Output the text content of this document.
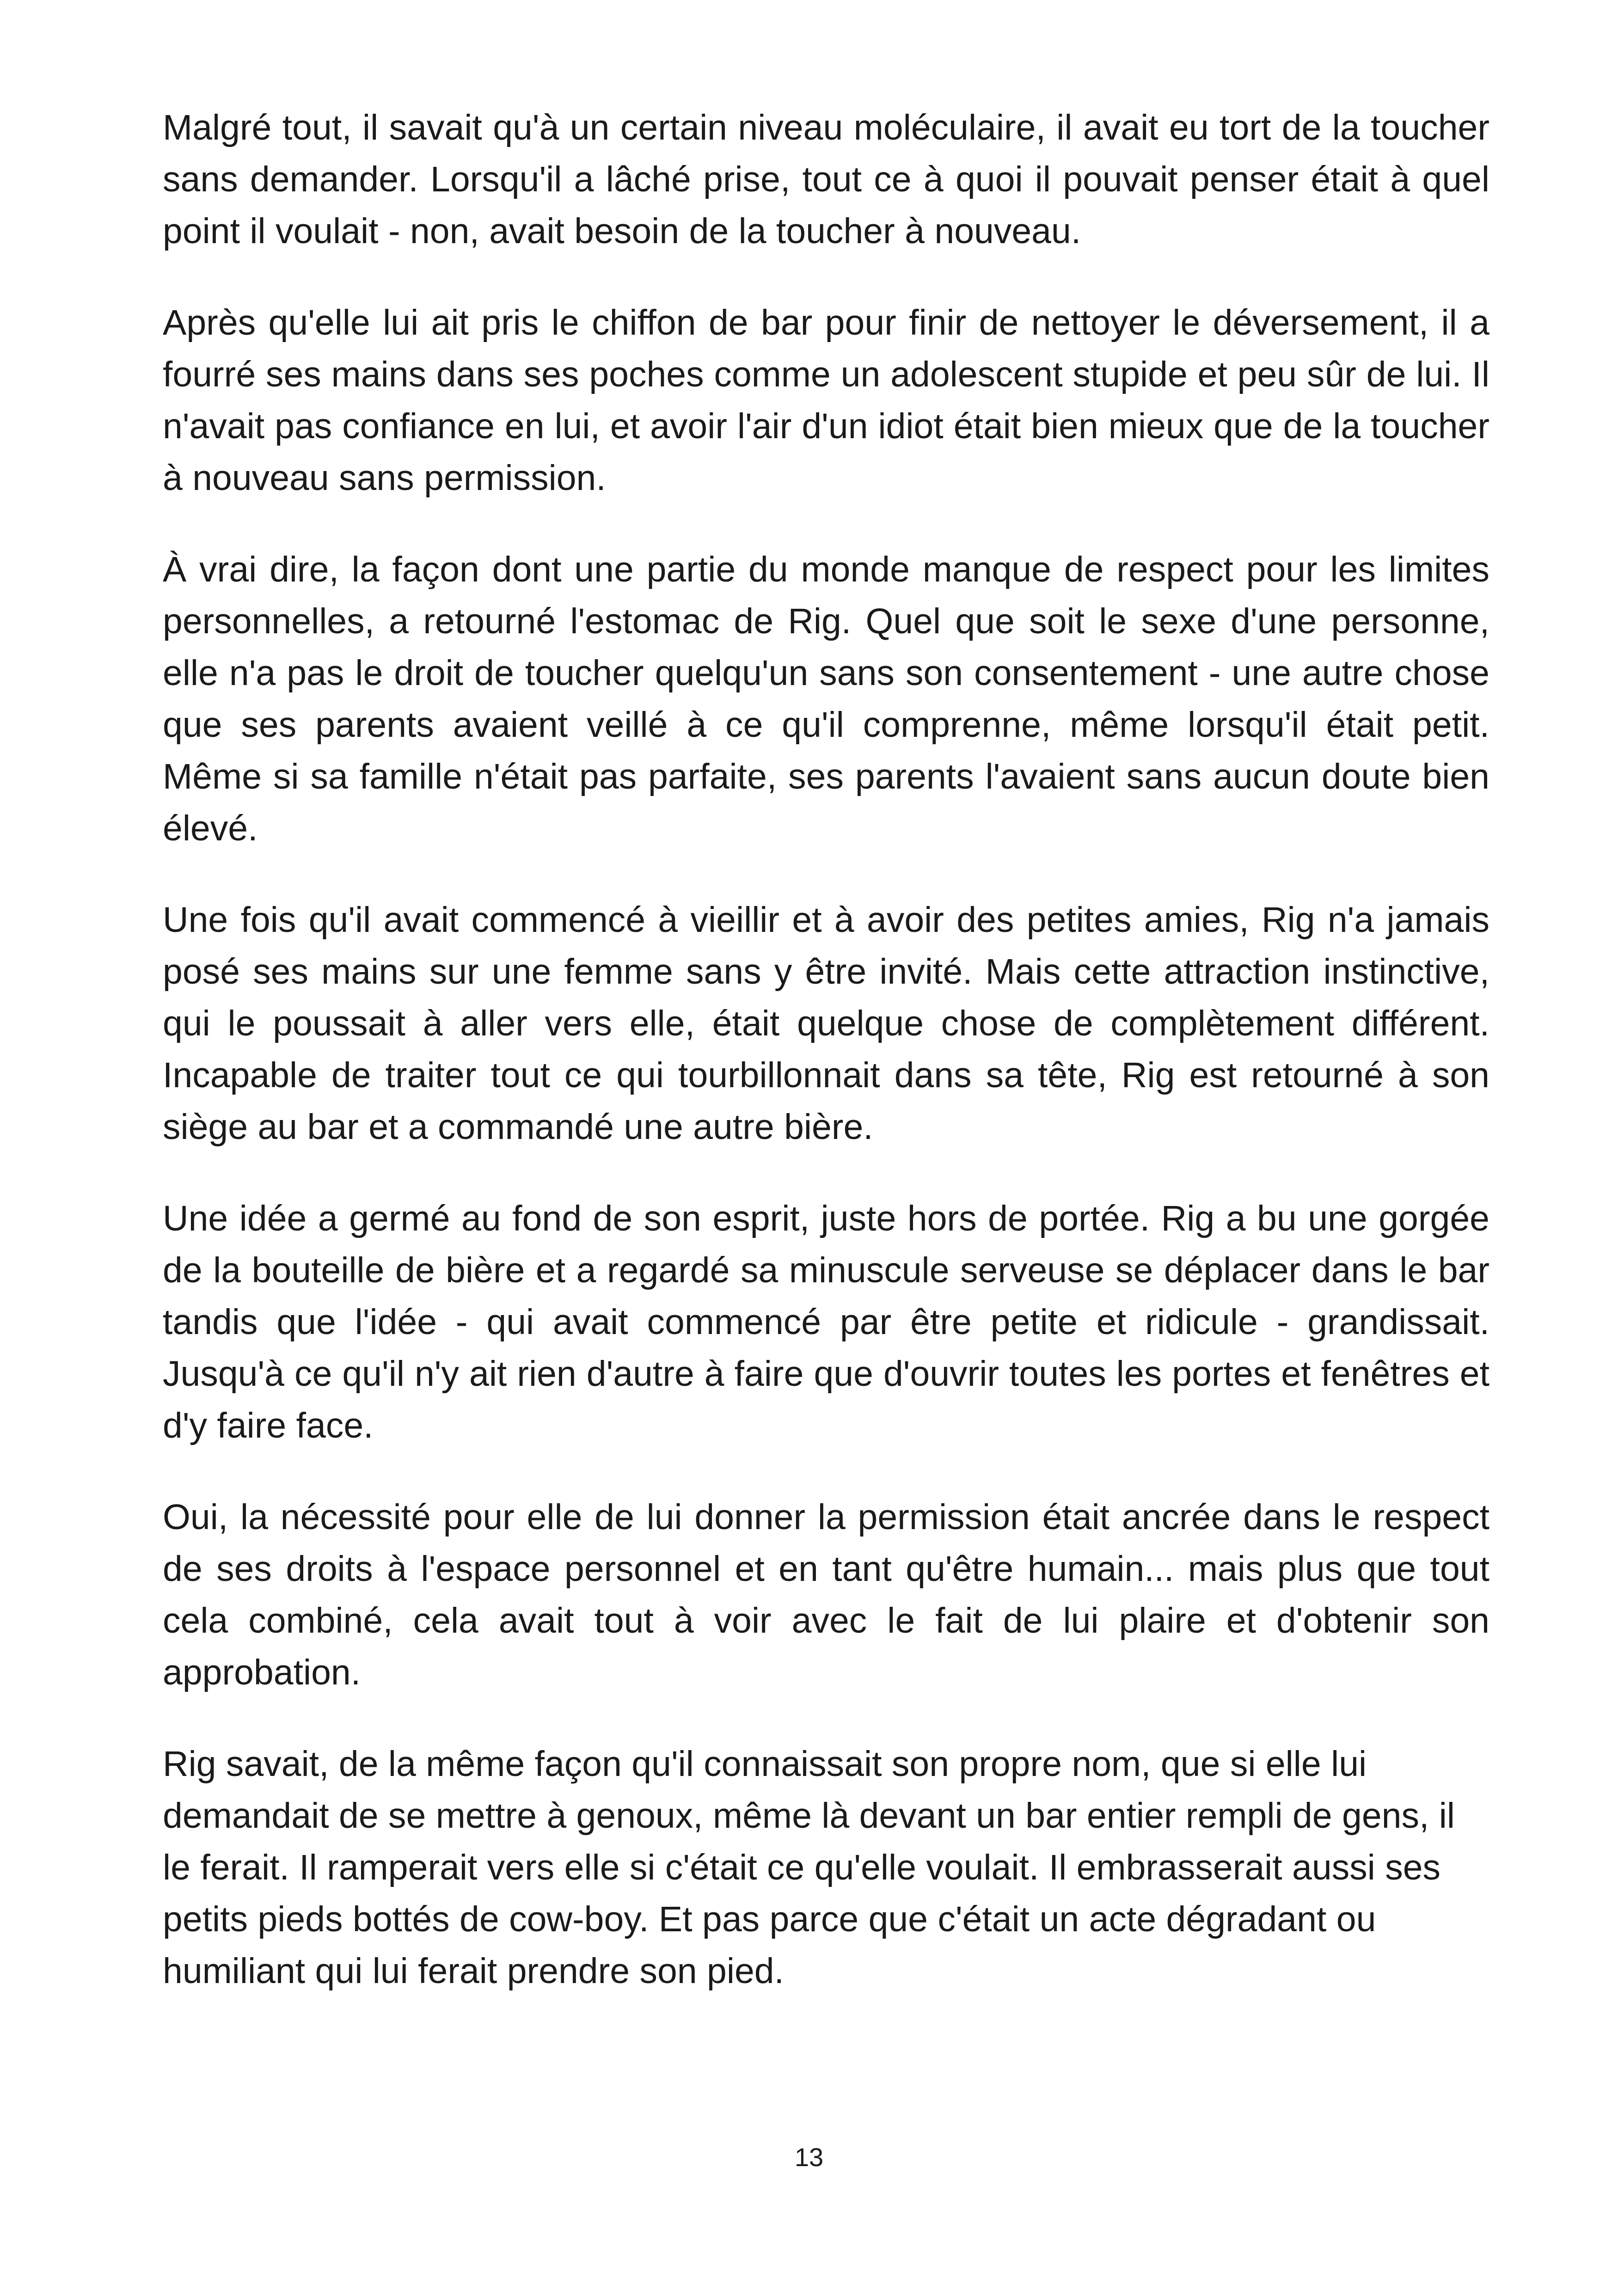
Malgré tout, il savait qu'à un certain niveau moléculaire, il avait eu tort de la toucher sans demander. Lorsqu'il a lâché prise, tout ce à quoi il pouvait penser était à quel point il voulait - non, avait besoin de la toucher à nouveau.

Après qu'elle lui ait pris le chiffon de bar pour finir de nettoyer le déversement, il a fourré ses mains dans ses poches comme un adolescent stupide et peu sûr de lui. Il n'avait pas confiance en lui, et avoir l'air d'un idiot était bien mieux que de la toucher à nouveau sans permission.

À vrai dire, la façon dont une partie du monde manque de respect pour les limites personnelles, a retourné l'estomac de Rig. Quel que soit le sexe d'une personne, elle n'a pas le droit de toucher quelqu'un sans son consentement - une autre chose que ses parents avaient veillé à ce qu'il comprenne, même lorsqu'il était petit. Même si sa famille n'était pas parfaite, ses parents l'avaient sans aucun doute bien élevé.

Une fois qu'il avait commencé à vieillir et à avoir des petites amies, Rig n'a jamais posé ses mains sur une femme sans y être invité. Mais cette attraction instinctive, qui le poussait à aller vers elle, était quelque chose de complètement différent. Incapable de traiter tout ce qui tourbillonnait dans sa tête, Rig est retourné à son siège au bar et a commandé une autre bière.

Une idée a germé au fond de son esprit, juste hors de portée. Rig a bu une gorgée de la bouteille de bière et a regardé sa minuscule serveuse se déplacer dans le bar tandis que l'idée - qui avait commencé par être petite et ridicule - grandissait. Jusqu'à ce qu'il n'y ait rien d'autre à faire que d'ouvrir toutes les portes et fenêtres et d'y faire face.

Oui, la nécessité pour elle de lui donner la permission était ancrée dans le respect de ses droits à l'espace personnel et en tant qu'être humain... mais plus que tout cela combiné, cela avait tout à voir avec le fait de lui plaire et d'obtenir son approbation.

Rig savait, de la même façon qu'il connaissait son propre nom, que si elle lui demandait de se mettre à genoux, même là devant un bar entier rempli de gens, il le ferait. Il ramperait vers elle si c'était ce qu'elle voulait. Il embrasserait aussi ses petits pieds bottés de cow-boy. Et pas parce que c'était un acte dégradant ou humiliant qui lui ferait prendre son pied.

13
